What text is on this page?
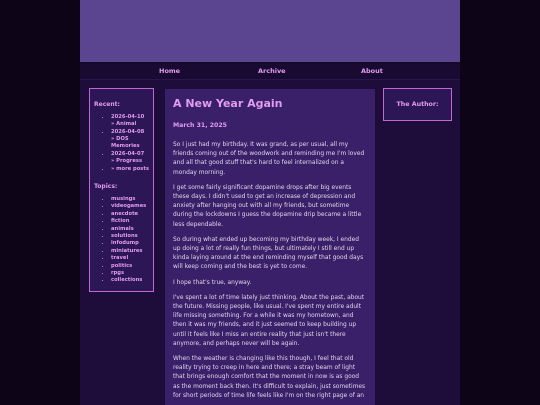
Home	Archive	About
Recent:
• 2026-04-10 » Animal
• 2026-04-08 » DOS Memories
• 2026-04-07 » Progress
• » more posts
Topics:
• musings
• videogames
• anecdote
• fiction
• animals
• solutions
• infodump
• miniatures
• travel
• politics
• rpgs
• collections
A New Year Again
March 31, 2025

So I just had my birthday. It was grand, as per usual, all my friends coming out of the woodwork and reminding me I'm loved and all that good stuff that's hard to feel internalized on a monday morning.

I get some fairly significant dopamine drops after big events these days. I didn't used to get an increase of depression and anxiety after hanging out with all my friends, but sometime during the lockdowns I guess the dopamine drip became a little less dependable.

So during what ended up becoming my birthday week, I ended up doing a lot of really fun things, but ultimately I still end up kinda laying around at the end reminding myself that good days will keep coming and the best is yet to come.

I hope that's true, anyway.

I've spent a lot of time lately just thinking. About the past, about the future. Missing people, like usual. I've spent my entire adult life missing something. For a while it was my hometown, and then it was my friends, and it just seemed to keep building up until it feels like I miss an entire reality that just isn't there anymore, and perhaps never will be again.

When the weather is changing like this though, I feel that old reality trying to creep in here and there; a stray beam of light that brings enough comfort that the moment in now is as good as the moment back then. It's difficult to explain, just sometimes for short periods of time life feels like I'm on the right page of an

The Author:
